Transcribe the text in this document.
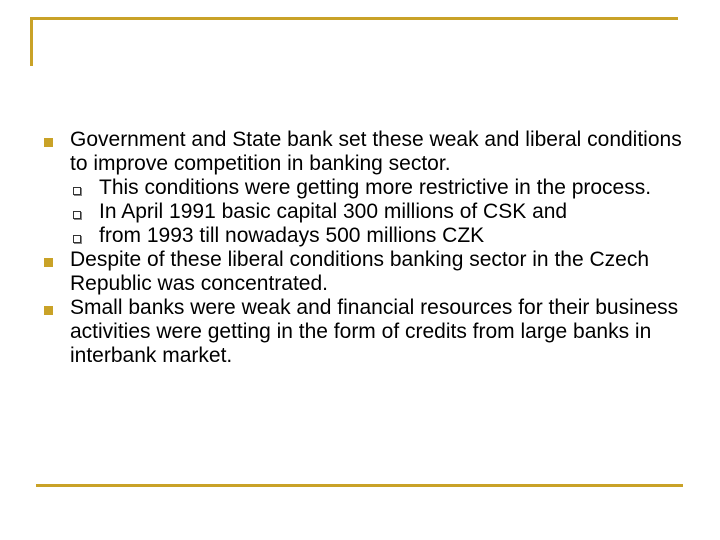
Government and State bank set these weak and liberal conditions to improve competition in banking sector.
This conditions were getting more restrictive in the process.
In April 1991 basic capital 300 millions of CSK and
from 1993 till nowadays 500 millions CZK
Despite of these liberal conditions banking sector in the Czech Republic was concentrated.
Small banks were weak and financial resources for their business activities were getting in the form of credits from large banks in interbank market.
